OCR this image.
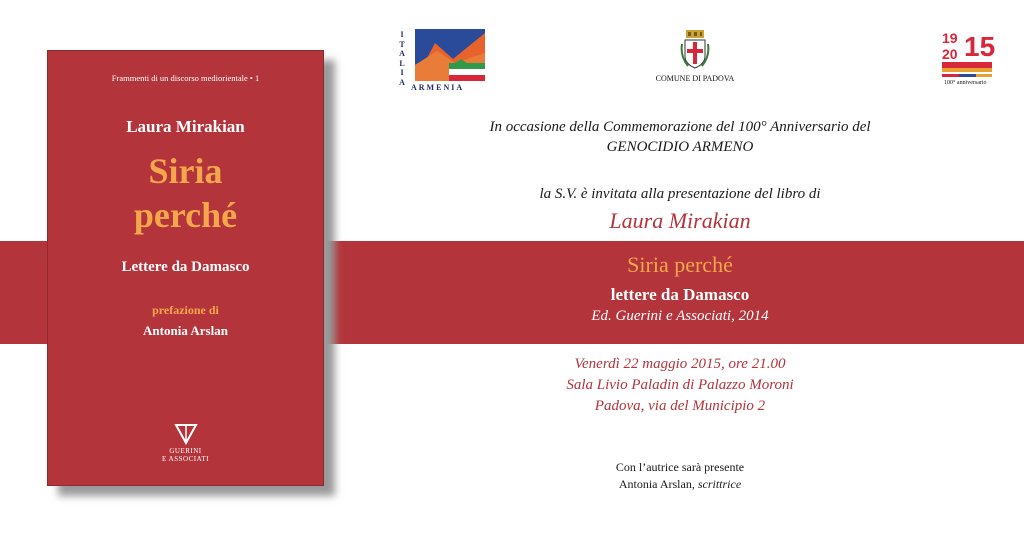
Frammenti di un discorso mediorientale • 1
Laura Mirakian
Siria
perché
Lettere da Damasco
prefazione di
Antonia Arslan
GUERINI
E ASSOCIATI
I
T
A
L
I
A
ARMENIA
COMUNE DI PADOVA
19
20 15
100° anniversario
In occasione della Commemorazione del 100° Anniversario del
GENOCIDIO ARMENO
la S.V. è invitata alla presentazione del libro di
Laura Mirakian
Siria perché
lettere da Damasco
Ed. Guerini e Associati, 2014
Venerdì 22 maggio 2015, ore 21.00
Sala Livio Paladin di Palazzo Moroni
Padova, via del Municipio 2
Con l’autrice sarà presente
Antonia Arslan, scrittrice
